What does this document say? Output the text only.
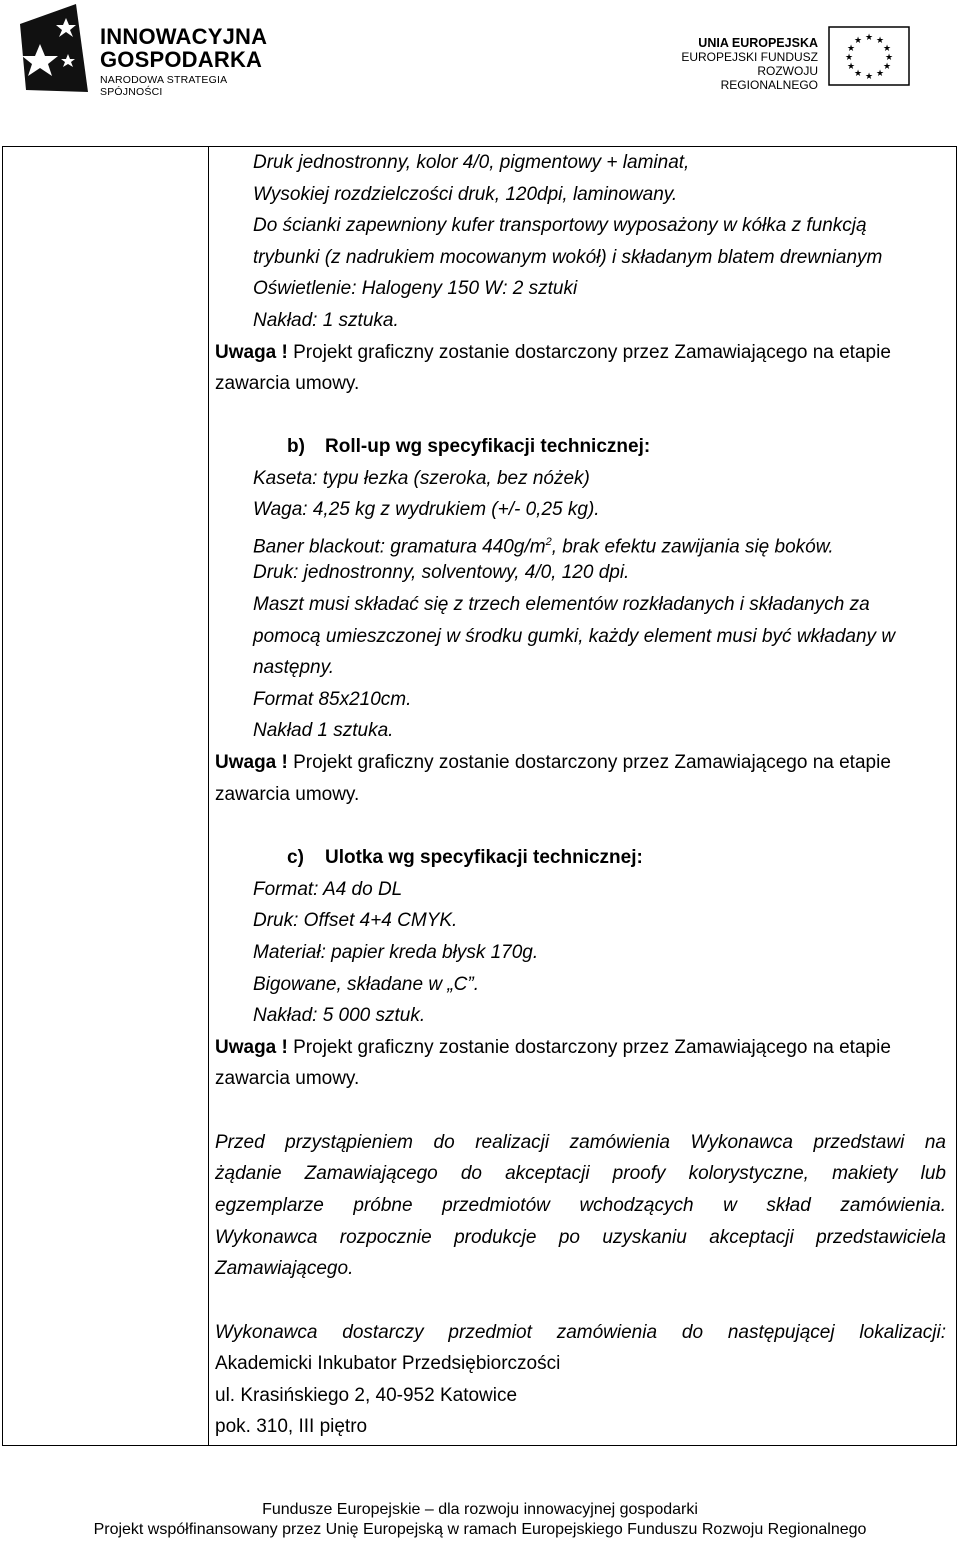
INNOWACYJNA
GOSPODARKA
NARODOWA STRATEGIA SPÓJNOŚCI
UNIA EUROPEJSKA
EUROPEJSKI FUNDUSZ
ROZWOJU REGIONALNEGO
★ ★
★
★
★
★
★
★
★
★
★
★
Druk jednostronny, kolor 4/0, pigmentowy + laminat,
Wysokiej rozdzielczości druk, 120dpi, laminowany.
Do ścianki zapewniony kufer transportowy wyposażony w kółka z funkcją
trybunki (z nadrukiem mocowanym wokół) i składanym blatem drewnianym
Oświetlenie: Halogeny 150 W: 2 sztuki
Nakład: 1 sztuka.
Uwaga ! Projekt graficzny zostanie dostarczony przez Zamawiającego na etapie
zawarcia umowy.
b) Roll-up wg specyfikacji technicznej:
Kaseta: typu łezka (szeroka, bez nóżek)
Waga: 4,25 kg z wydrukiem (+/- 0,25 kg).
Baner blackout: gramatura $440g/m^2$, brak efektu zawijania się boków.
Druk: jednostronny, solventowy, 4/0, 120 dpi.
Maszt musi składać się z trzech elementów rozkładanych i składanych za
pomocą umieszczonej w środku gumki, każdy element musi być wkładany w
następny.
Format 85x210cm.
Nakład 1 sztuka.
Uwaga ! Projekt graficzny zostanie dostarczony przez Zamawiającego na etapie
zawarcia umowy.
c) Ulotka wg specyfikacji technicznej:
Format: A4 do DL
Druk: Offset 4+4 CMYK.
Materiał: papier kreda błysk 170g.
Bigowane, składane w „C”.
Nakład: 5 000 sztuk.
Uwaga ! Projekt graficzny zostanie dostarczony przez Zamawiającego na etapie
zawarcia umowy.
Przed przystąpieniem do realizacji zamówienia Wykonawca przedstawi na
żądanie Zamawiającego do akceptacji proofy kolorystyczne, makiety lub
egzemplarze próbne przedmiotów wchodzących w skład zamówienia.
Wykonawca rozpocznie produkcje po uzyskaniu akceptacji przedstawiciela
Zamawiającego.
Wykonawca dostarczy przedmiot zamówienia do następującej lokalizacji:
Akademicki Inkubator Przedsiębiorczości
ul. Krasińskiego 2, 40-952 Katowice
pok. 310, III piętro
Fundusze Europejskie – dla rozwoju innowacyjnej gospodarki
Projekt współfinansowany przez Unię Europejską w ramach Europejskiego Funduszu Rozwoju Regionalnego
